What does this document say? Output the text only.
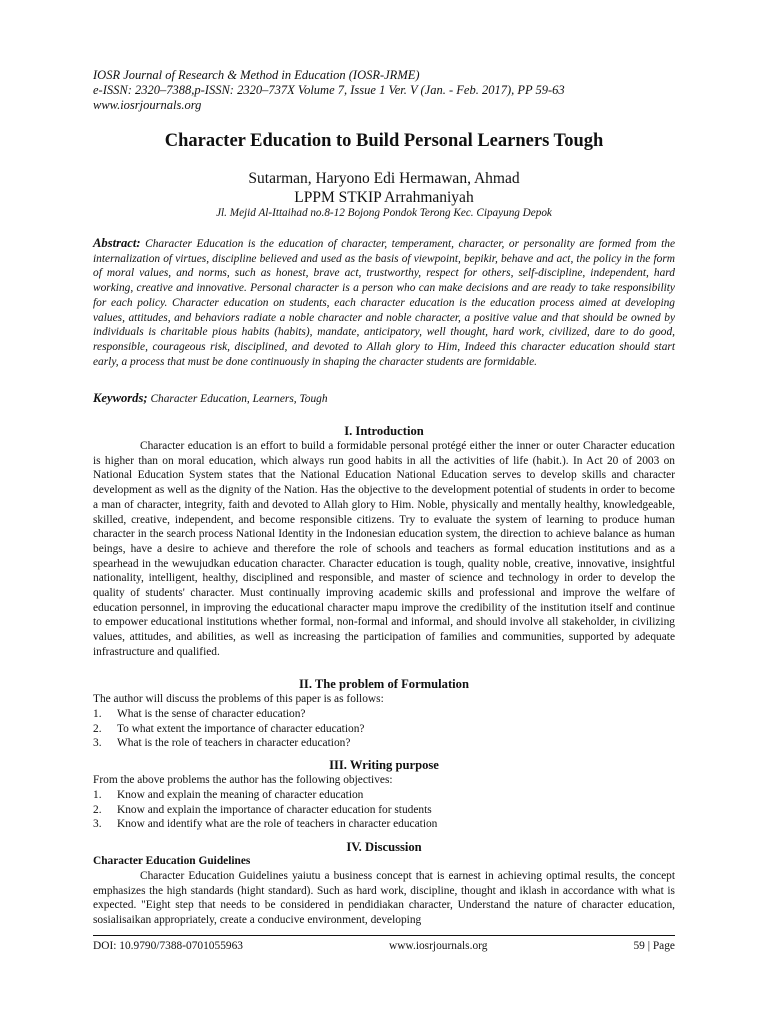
IOSR Journal of Research & Method in Education (IOSR-JRME)
e-ISSN: 2320–7388,p-ISSN: 2320–737X Volume 7, Issue 1 Ver. V (Jan. - Feb. 2017), PP 59-63
www.iosrjournals.org
Character Education to Build Personal Learners Tough
Sutarman, Haryono Edi Hermawan, Ahmad
LPPM STKIP Arrahmaniyah
Jl. Mejid Al-Ittaihad no.8-12 Bojong Pondok Terong Kec. Cipayung Depok

Abstract: Character Education is the education of character, temperament, character, or personality are formed from the internalization of virtues, discipline believed and used as the basis of viewpoint, bepikir, behave and act, the policy in the form of moral values, and norms, such as honest, brave act, trustworthy, respect for others, self-discipline, independent, hard working, creative and innovative. Personal character is a person who can make decisions and are ready to take responsibility for each policy. Character education on students, each character education is the education process aimed at developing values, attitudes, and behaviors radiate a noble character and noble character, a positive value and that should be owned by individuals is charitable pious habits (habits), mandate, anticipatory, well thought, hard work, civilized, dare to do good, responsible, courageous risk, disciplined, and devoted to Allah glory to Him, Indeed this character education should start early, a process that must be done continuously in shaping the character students are formidable.

Keywords; Character Education, Learners, Tough

I. Introduction

Character education is an effort to build a formidable personal protégé either the inner or outer Character education is higher than on moral education, which always run good habits in all the activities of life (habit.). In Act 20 of 2003 on National Education System states that the National Education National Education serves to develop skills and character development as well as the dignity of the Nation. Has the objective to the development potential of students in order to become a man of character, integrity, faith and devoted to Allah glory to Him. Noble, physically and mentally healthy, knowledgeable, skilled, creative, independent, and become responsible citizens. Try to evaluate the system of learning to produce human character in the search process National Identity in the Indonesian education system, the direction to achieve balance as human beings, have a desire to achieve and therefore the role of schools and teachers as formal education institutions and as a spearhead in the wewujudkan education character. Character education is tough, quality noble, creative, innovative, insightful nationality, intelligent, healthy, disciplined and responsible, and master of science and technology in order to develop the quality of students' character. Must continually improving academic skills and professional and improve the welfare of education personnel, in improving the educational character mapu improve the credibility of the institution itself and continue to empower educational institutions whether formal, non-formal and informal, and should involve all stakeholder, in civilizing values, attitudes, and abilities, as well as increasing the participation of families and communities, supported by adequate infrastructure and qualified.

II. The problem of Formulation
The author will discuss the problems of this paper is as follows:
1.	What is the sense of character education?
2.	To what extent the importance of character education?
3.	What is the role of teachers in character education?
III. Writing purpose
From the above problems the author has the following objectives:
1.	Know and explain the meaning of character education
2.	Know and explain the importance of character education for students
3.	Know and identify what are the role of teachers in character education
IV. Discussion
Character Education Guidelines

Character Education Guidelines yaiutu a business concept that is earnest in achieving optimal results, the concept emphasizes the high standards (hight standard). Such as hard work, discipline, thought and iklash in accordance with what is expected. "Eight step that needs to be considered in pendidiakan character, Understand the nature of character education, sosialisaikan appropriately, create a conducive environment, developing

DOI: 10.9790/7388-0701055963	www.iosrjournals.org	59 | Page
